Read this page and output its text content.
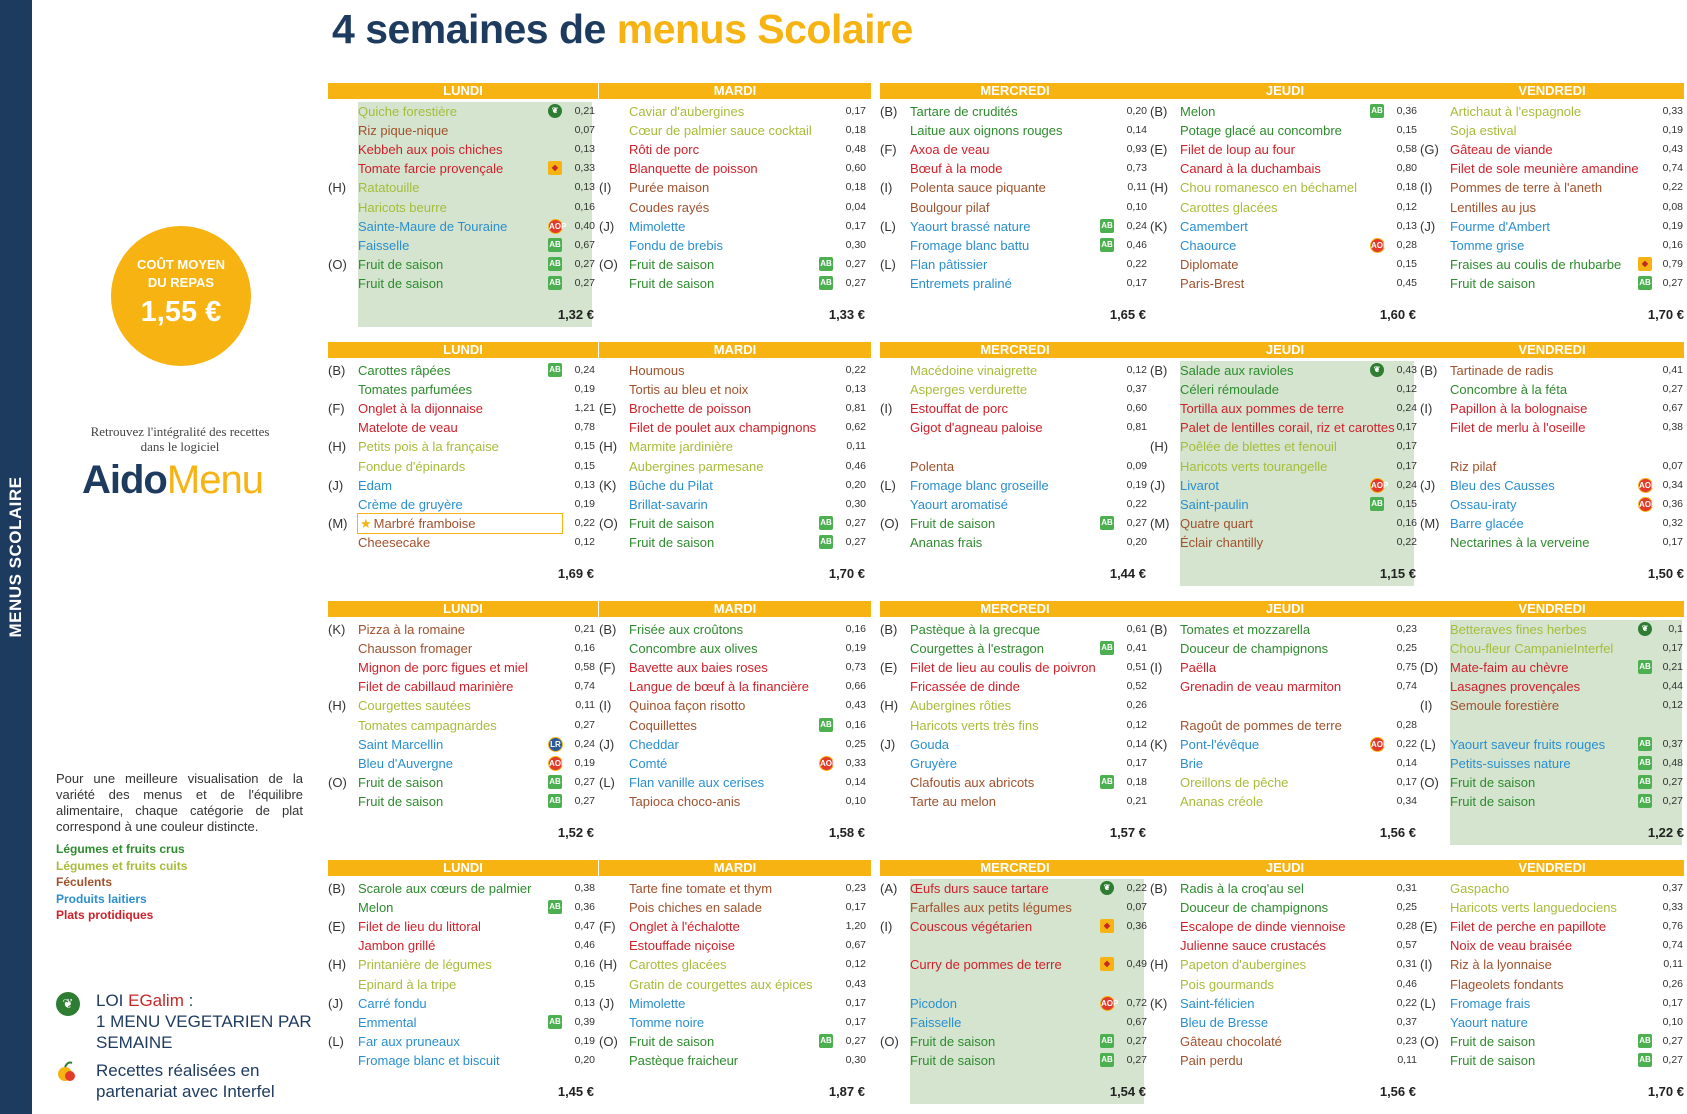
MENUS SCOLAIRE
4 semaines de menus Scolaire
COÛT MOYEN
DU REPAS
1,55 €
Retrouvez l'intégralité des recettes dans le logiciel
AidoMenu
Pour une meilleure visualisation de la variété des menus et de l'équilibre alimentaire, chaque catégorie de plat correspond à une couleur distincte.
Légumes et fruits crus
Légumes et fruits cuits
Féculents
Produits laitiers
Plats protidiques
❦	LOI EGalim :
1 MENU VEGETARIEN PAR SEMAINE
Recettes réalisées en partenariat avec Interfel
LUNDI
Quiche forestière	❦	0,21
Riz pique-nique	0,07
Kebbeh aux pois chiches	0,13
Tomate farcie provençale	◆	0,33
(H) Ratatouille	0,13
Haricots beurre	0,16
Sainte-Maure de Touraine	AOP 0,40
Faisselle	AB	0,67
(O) Fruit de saison	AB	0,27
Fruit de saison	AB	0,27
1,32 €
MARDI
Caviar d'aubergines	0,17
Cœur de palmier sauce cocktail	0,18
Rôti de porc	0,48
Blanquette de poisson	0,60
(I) Purée maison	0,18
Coudes rayés	0,04
(J) Mimolette	0,17
Fondu de brebis	0,30
(O) Fruit de saison	AB	0,27
Fruit de saison	AB	0,27
1,33 €
MERCREDI
(B) Tartare de crudités	0,20
Laitue aux oignons rouges	0,14
(F) Axoa de veau	0,93
Bœuf à la mode	0,73
(I) Polenta sauce piquante	0,11
Boulgour pilaf	0,10
(L) Yaourt brassé nature	AB	0,24
Fromage blanc battu	AB	0,46
(L) Flan pâtissier	0,22
Entremets praliné	0,17
1,65 €
JEUDI
(B) Melon	AB	0,36
Potage glacé au concombre	0,15
(E) Filet de loup au four	0,58
Canard à la duchambais	0,80
(H) Chou romanesco en béchamel	0,18
Carottes glacées	0,12
(K) Camembert	0,13
Chaource	AOP 0,28
Diplomate	0,15
Paris-Brest	0,45
1,60 €
VENDREDI
Artichaut à l'espagnole	0,33
Soja estival	0,19
(G) Gâteau de viande	0,43
Filet de sole meunière amandine	0,74
(I) Pommes de terre à l'aneth	0,22
Lentilles au jus	0,08
(J) Fourme d'Ambert	0,19
Tomme grise	0,16
Fraises au coulis de rhubarbe	◆	0,79
Fruit de saison	AB	0,27
1,70 €
LUNDI
(B) Carottes râpées	AB	0,24
Tomates parfumées	0,19
(F) Onglet à la dijonnaise	1,21
Matelote de veau	0,78
(H) Petits pois à la française	0,15
Fondue d'épinards	0,15
(J) Edam	0,13
Crème de gruyère	0,19
(M) ★ Marbré framboise	0,22
Cheesecake	0,12
1,69 €
MARDI
Houmous	0,22
Tortis au bleu et noix	0,13
(E) Brochette de poisson	0,81
Filet de poulet aux champignons	0,62
(H) Marmite jardinière	0,11
Aubergines parmesane	0,46
(K) Bûche du Pilat	0,20
Brillat-savarin	0,30
(O) Fruit de saison	AB	0,27
Fruit de saison	AB	0,27
1,70 €
MERCREDI
Macédoine vinaigrette	0,12
Asperges verdurette	0,37
(I) Estouffat de porc	0,60
Gigot d'agneau paloise	0,81
Polenta	0,09
(L) Fromage blanc groseille	0,19
Yaourt aromatisé	0,22
(O) Fruit de saison	AB	0,27
Ananas frais	0,20
1,44 €
JEUDI
(B) Salade aux ravioles	❦	0,43
Céleri rémoulade	0,12
Tortilla aux pommes de terre	0,24
Palet de lentilles corail, riz et carottes 0,17
(H) Poêlée de blettes et fenouil	0,17
Haricots verts tourangelle	0,17
(J) Livarot	AOP 0,24
Saint-paulin	AB	0,15
(M) Quatre quart	0,16
Éclair chantilly	0,22
1,15 €
VENDREDI
(B) Tartinade de radis	0,41
Concombre à la féta	0,27
(I) Papillon à la bolognaise	0,67
Filet de merlu à l'oseille	0,38
Riz pilaf	0,07
(J) Bleu des Causses	AOP 0,34
Ossau-iraty	AOP 0,36
(M) Barre glacée	0,32
Nectarines à la verveine	0,17
1,50 €
LUNDI
(K) Pizza à la romaine	0,21
Chausson fromager	0,16
Mignon de porc figues et miel	0,58
Filet de cabillaud marinière	0,74
(H) Courgettes sautées	0,11
Tomates campagnardes	0,27
Saint Marcellin	LR	0,24
Bleu d'Auvergne	AOP 0,19
(O) Fruit de saison	AB	0,27
Fruit de saison	AB	0,27
1,52 €
MARDI
(B) Frisée aux croûtons	0,16
Concombre aux olives	0,19
(F) Bavette aux baies roses	0,73
Langue de bœuf à la financière	0,66
(I) Quinoa façon risotto	0,43
Coquillettes	AB	0,16
(J) Cheddar	0,25
Comté	AOP 0,33
(L) Flan vanille aux cerises	0,14
Tapioca choco-anis	0,10
1,58 €
MERCREDI
(B) Pastèque à la grecque	0,61
Courgettes à l'estragon	AB	0,41
(E) Filet de lieu au coulis de poivron	0,51
Fricassée de dinde	0,52
(H) Aubergines rôties	0,26
Haricots verts très fins	0,12
(J) Gouda	0,14
Gruyère	0,17
Clafoutis aux abricots	AB	0,18
Tarte au melon	0,21
1,57 €
JEUDI
(B) Tomates et mozzarella	0,23
Douceur de champignons	0,25
(I) Paëlla	0,75
Grenadin de veau marmiton	0,74
Ragoût de pommes de terre	0,28
(K) Pont-l'évêque	AOP 0,22
Brie	0,14
Oreillons de pêche	0,17
Ananas créole	0,34
1,56 €
VENDREDI
Betteraves fines herbes	❦	0,1
Chou-fleur CampanieInterfel	0,17
(D) Mate-faim au chèvre	AB	0,21
Lasagnes provençales	0,44
(I) Semoule forestière	0,12
(L) Yaourt saveur fruits rouges	AB	0,37
Petits-suisses nature	AB	0,48
(O) Fruit de saison	AB	0,27
Fruit de saison	AB	0,27
1,22 €
LUNDI
(B) Scarole aux cœurs de palmier	0,38
Melon	AB	0,36
(E) Filet de lieu du littoral	0,47
Jambon grillé	0,46
(H) Printanière de légumes	0,16
Epinard à la tripe	0,15
(J) Carré fondu	0,13
Emmental	AB	0,39
(L) Far aux pruneaux	0,19
Fromage blanc et biscuit	0,20
1,45 €
MARDI
Tarte fine tomate et thym	0,23
Pois chiches en salade	0,17
(F) Onglet à l'échalotte	1,20
Estouffade niçoise	0,67
(H) Carottes glacées	0,12
Gratin de courgettes aux épices	0,43
(J) Mimolette	0,17
Tomme noire	0,17
(O) Fruit de saison	AB	0,27
Pastèque fraicheur	0,30
1,87 €
MERCREDI
(A) Œufs durs sauce tartare	❦	0,22
Farfalles aux petits légumes	0,07
(I) Couscous végétarien	◆	0,36
Curry de pommes de terre	◆	0,49
Picodon	AOP 0,72
Faisselle	0,67
(O) Fruit de saison	AB	0,27
Fruit de saison	AB	0,27
1,54 €
JEUDI
(B) Radis à la croq'au sel	0,31
Douceur de champignons	0,25
Escalope de dinde viennoise	0,28
Julienne sauce crustacés	0,57
(H) Papeton d'aubergines	0,31
Pois gourmands	0,46
(K) Saint-félicien	0,22
Bleu de Bresse	0,37
Gâteau chocolaté	0,23
Pain perdu	0,11
1,56 €
VENDREDI
Gaspacho	0,37
Haricots verts languedociens	0,33
(E) Filet de perche en papillote	0,76
Noix de veau braisée	0,74
(I) Riz à la lyonnaise	0,11
Flageolets fondants	0,26
(L) Fromage frais	0,17
Yaourt nature	0,10
(O) Fruit de saison	AB	0,27
Fruit de saison	AB	0,27
1,70 €
